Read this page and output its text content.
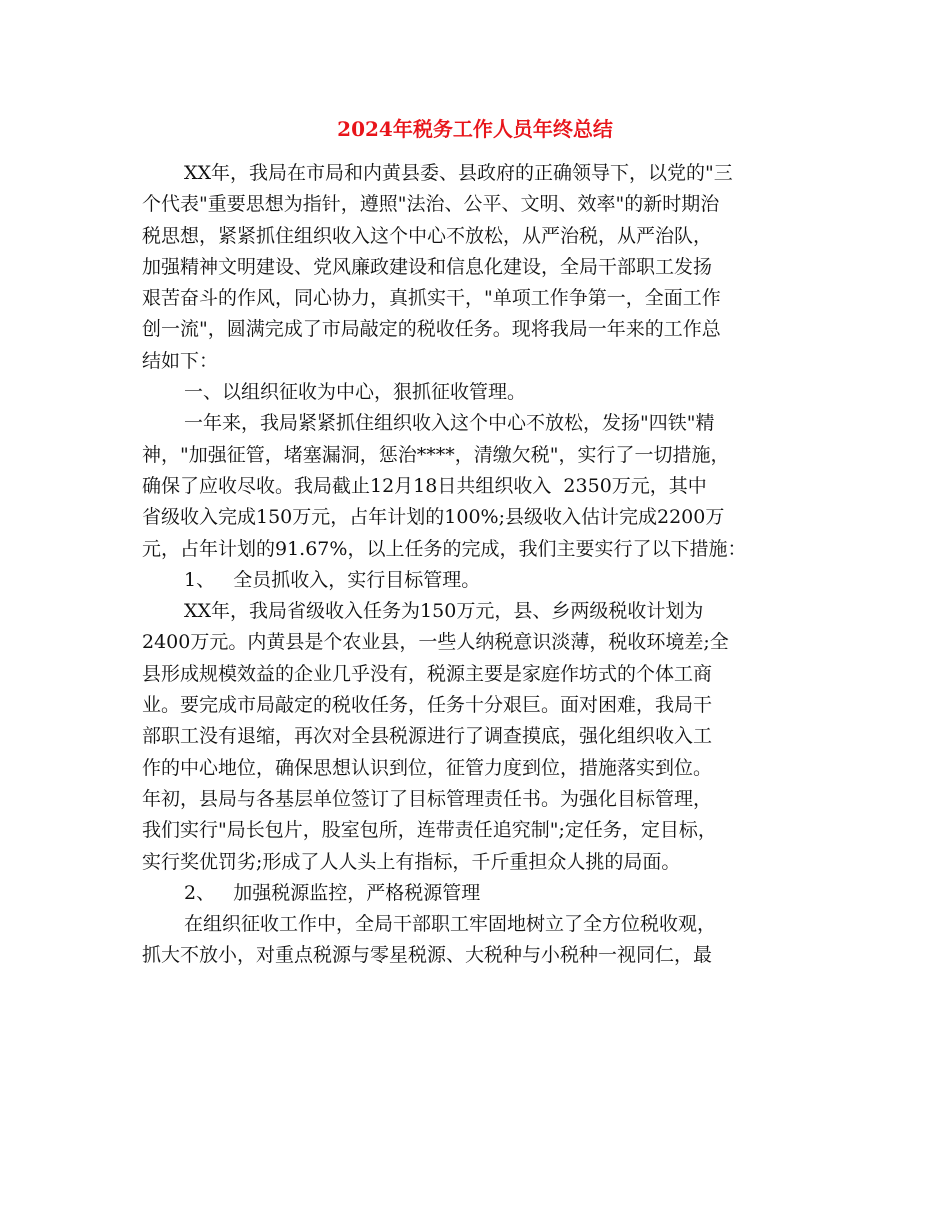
2024年税务工作人员年终总结
XX年，我局在市局和内黄县委、县政府的正确领导下，以党的"三
个代表"重要思想为指针，遵照"法治、公平、文明、效率"的新时期治
税思想，紧紧抓住组织收入这个中心不放松，从严治税，从严治队，
加强精神文明建设、党风廉政建设和信息化建设，全局干部职工发扬
艰苦奋斗的作风，同心协力，真抓实干，"单项工作争第一，全面工作
创一流"，圆满完成了市局敲定的税收任务。现将我局一年来的工作总
结如下：
一、以组织征收为中心，狠抓征收管理。
一年来，我局紧紧抓住组织收入这个中心不放松，发扬"四铁"精
神，"加强征管，堵塞漏洞，惩治****，清缴欠税"，实行了一切措施，
确保了应收尽收。我局截止12月18日共组织收入  2350万元，其中
省级收入完成150万元，占年计划的100%;县级收入估计完成2200万
元，占年计划的91.67%，以上任务的完成，我们主要实行了以下措施：
1、   全员抓收入，实行目标管理。
XX年，我局省级收入任务为150万元，县、乡两级税收计划为
2400万元。内黄县是个农业县，一些人纳税意识淡薄，税收环境差;全
县形成规模效益的企业几乎没有，税源主要是家庭作坊式的个体工商
业。要完成市局敲定的税收任务，任务十分艰巨。面对困难，我局干
部职工没有退缩，再次对全县税源进行了调查摸底，强化组织收入工
作的中心地位，确保思想认识到位，征管力度到位，措施落实到位。
年初，县局与各基层单位签订了目标管理责任书。为强化目标管理，
我们实行"局长包片，股室包所，连带责任追究制";定任务，定目标，
实行奖优罚劣;形成了人人头上有指标，千斤重担众人挑的局面。
2、   加强税源监控，严格税源管理
在组织征收工作中，全局干部职工牢固地树立了全方位税收观，
抓大不放小，对重点税源与零星税源、大税种与小税种一视同仁，最
